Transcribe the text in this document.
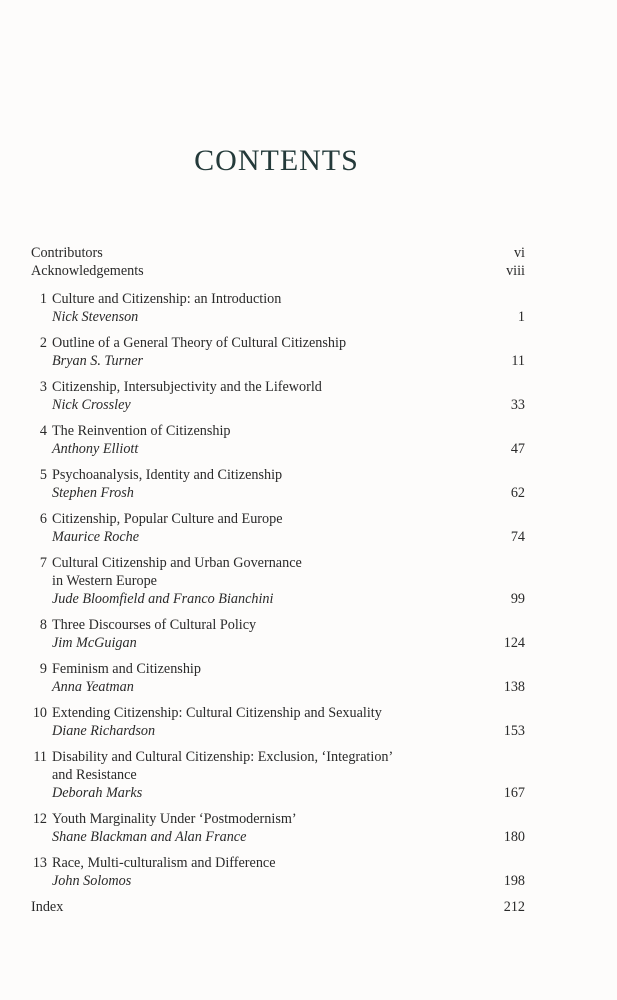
CONTENTS
Contributors	vi
Acknowledgements	viii
1 Culture and Citizenship: an Introduction
Nick Stevenson	1
2 Outline of a General Theory of Cultural Citizenship
Bryan S. Turner	11
3 Citizenship, Intersubjectivity and the Lifeworld
Nick Crossley	33
4 The Reinvention of Citizenship
Anthony Elliott	47
5 Psychoanalysis, Identity and Citizenship
Stephen Frosh	62
6 Citizenship, Popular Culture and Europe
Maurice Roche	74
7 Cultural Citizenship and Urban Governance
in Western Europe
Jude Bloomfield and Franco Bianchini	99
8 Three Discourses of Cultural Policy
Jim McGuigan	124
9 Feminism and Citizenship
Anna Yeatman	138
10 Extending Citizenship: Cultural Citizenship and Sexuality
Diane Richardson	153
11 Disability and Cultural Citizenship: Exclusion, ‘Integration’
and Resistance
Deborah Marks	167
12 Youth Marginality Under ‘Postmodernism’
Shane Blackman and Alan France	180
13 Race, Multi-culturalism and Difference
John Solomos	198
Index	212
